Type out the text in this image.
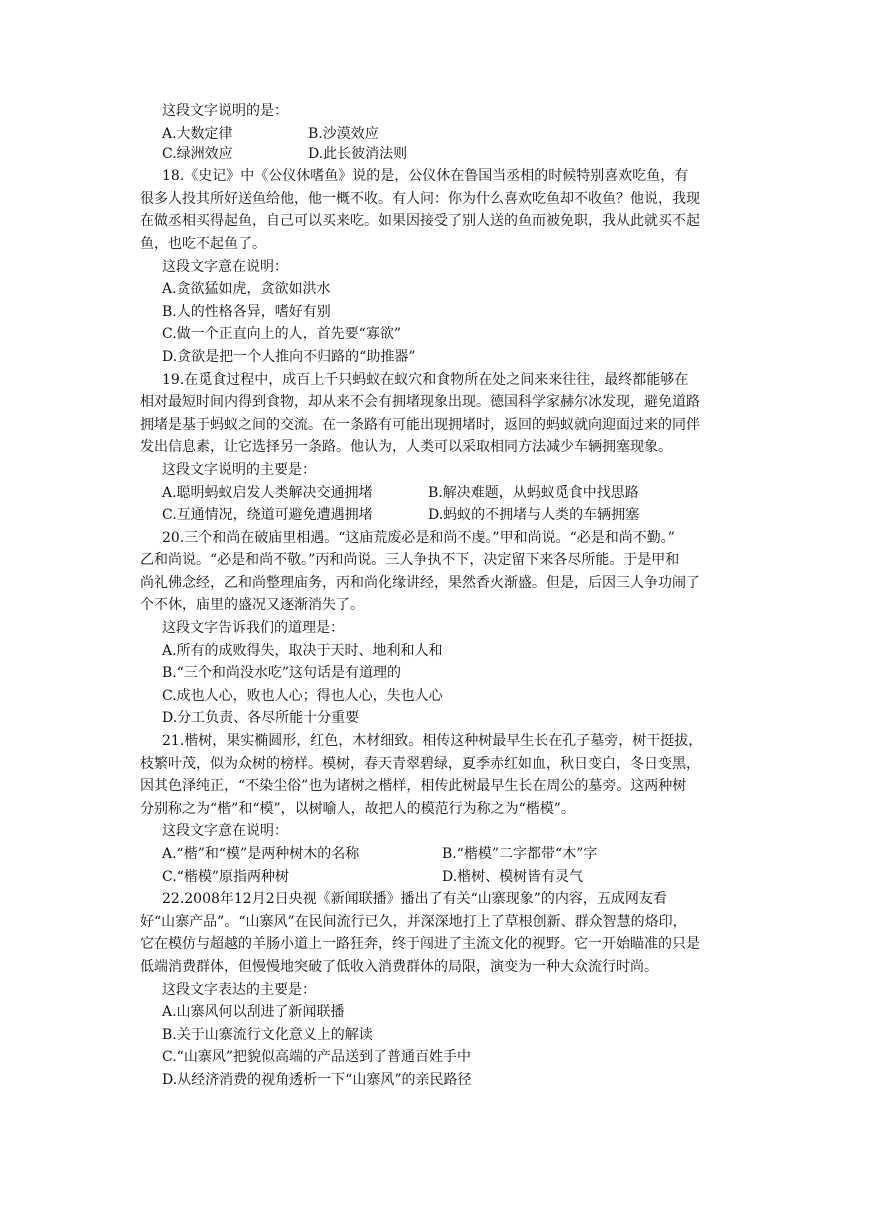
这段文字说明的是：
A.大数定律	B.沙漠效应
C.绿洲效应	D.此长彼消法则
18.《史记》中《公仪休嗜鱼》说的是，公仪休在鲁国当丞相的时候特别喜欢吃鱼，有
很多人投其所好送鱼给他，他一概不收。有人问：你为什么喜欢吃鱼却不收鱼？他说，我现
在做丞相买得起鱼，自己可以买来吃。如果因接受了别人送的鱼而被免职，我从此就买不起
鱼，也吃不起鱼了。
这段文字意在说明：
A.贪欲猛如虎，贪欲如洪水
B.人的性格各异，嗜好有别
C.做一个正直向上的人，首先要“寡欲”
D.贪欲是把一个人推向不归路的“助推器”
19.在觅食过程中，成百上千只蚂蚁在蚁穴和食物所在处之间来来往往，最终都能够在
相对最短时间内得到食物，却从来不会有拥堵现象出现。德国科学家赫尔冰发现，避免道路
拥堵是基于蚂蚁之间的交流。在一条路有可能出现拥堵时，返回的蚂蚁就向迎面过来的同伴
发出信息素，让它选择另一条路。他认为，人类可以采取相同方法减少车辆拥塞现象。
这段文字说明的主要是：
A.聪明蚂蚁启发人类解决交通拥堵	B.解决难题，从蚂蚁觅食中找思路
C.互通情况，绕道可避免遭遇拥堵	D.蚂蚁的不拥堵与人类的车辆拥塞
20.三个和尚在破庙里相遇。“这庙荒废必是和尚不虔。”甲和尚说。“必是和尚不勤。”
乙和尚说。“必是和尚不敬。”丙和尚说。三人争执不下，决定留下来各尽所能。于是甲和
尚礼佛念经，乙和尚整理庙务，丙和尚化缘讲经，果然香火渐盛。但是，后因三人争功闹了
个不休，庙里的盛况又逐渐消失了。
这段文字告诉我们的道理是：
A.所有的成败得失，取决于天时、地利和人和
B.“三个和尚没水吃”这句话是有道理的
C.成也人心，败也人心；得也人心，失也人心
D.分工负责、各尽所能十分重要
21.楷树，果实椭圆形，红色，木材细致。相传这种树最早生长在孔子墓旁，树干挺拔，
枝繁叶茂，似为众树的榜样。模树，春天青翠碧绿，夏季赤红如血，秋日变白，冬日变黑，
因其色泽纯正，“不染尘俗”也为诸树之楷样，相传此树最早生长在周公的墓旁。这两种树
分别称之为“楷”和“模”，以树喻人，故把人的模范行为称之为“楷模”。
这段文字意在说明：
A.“楷”和“模”是两种树木的名称	B.“楷模”二字都带“木”字
C.“楷模”原指两种树	D.楷树、模树皆有灵气
22.2008年12月2日央视《新闻联播》播出了有关“山寨现象”的内容，五成网友看
好“山寨产品”。“山寨风”在民间流行已久，并深深地打上了草根创新、群众智慧的烙印，
它在模仿与超越的羊肠小道上一路狂奔，终于闯进了主流文化的视野。它一开始瞄准的只是
低端消费群体，但慢慢地突破了低收入消费群体的局限，演变为一种大众流行时尚。
这段文字表达的主要是：
A.山寨风何以刮进了新闻联播
B.关于山寨流行文化意义上的解读
C.“山寨风”把貌似高端的产品送到了普通百姓手中
D.从经济消费的视角透析一下“山寨风”的亲民路径
